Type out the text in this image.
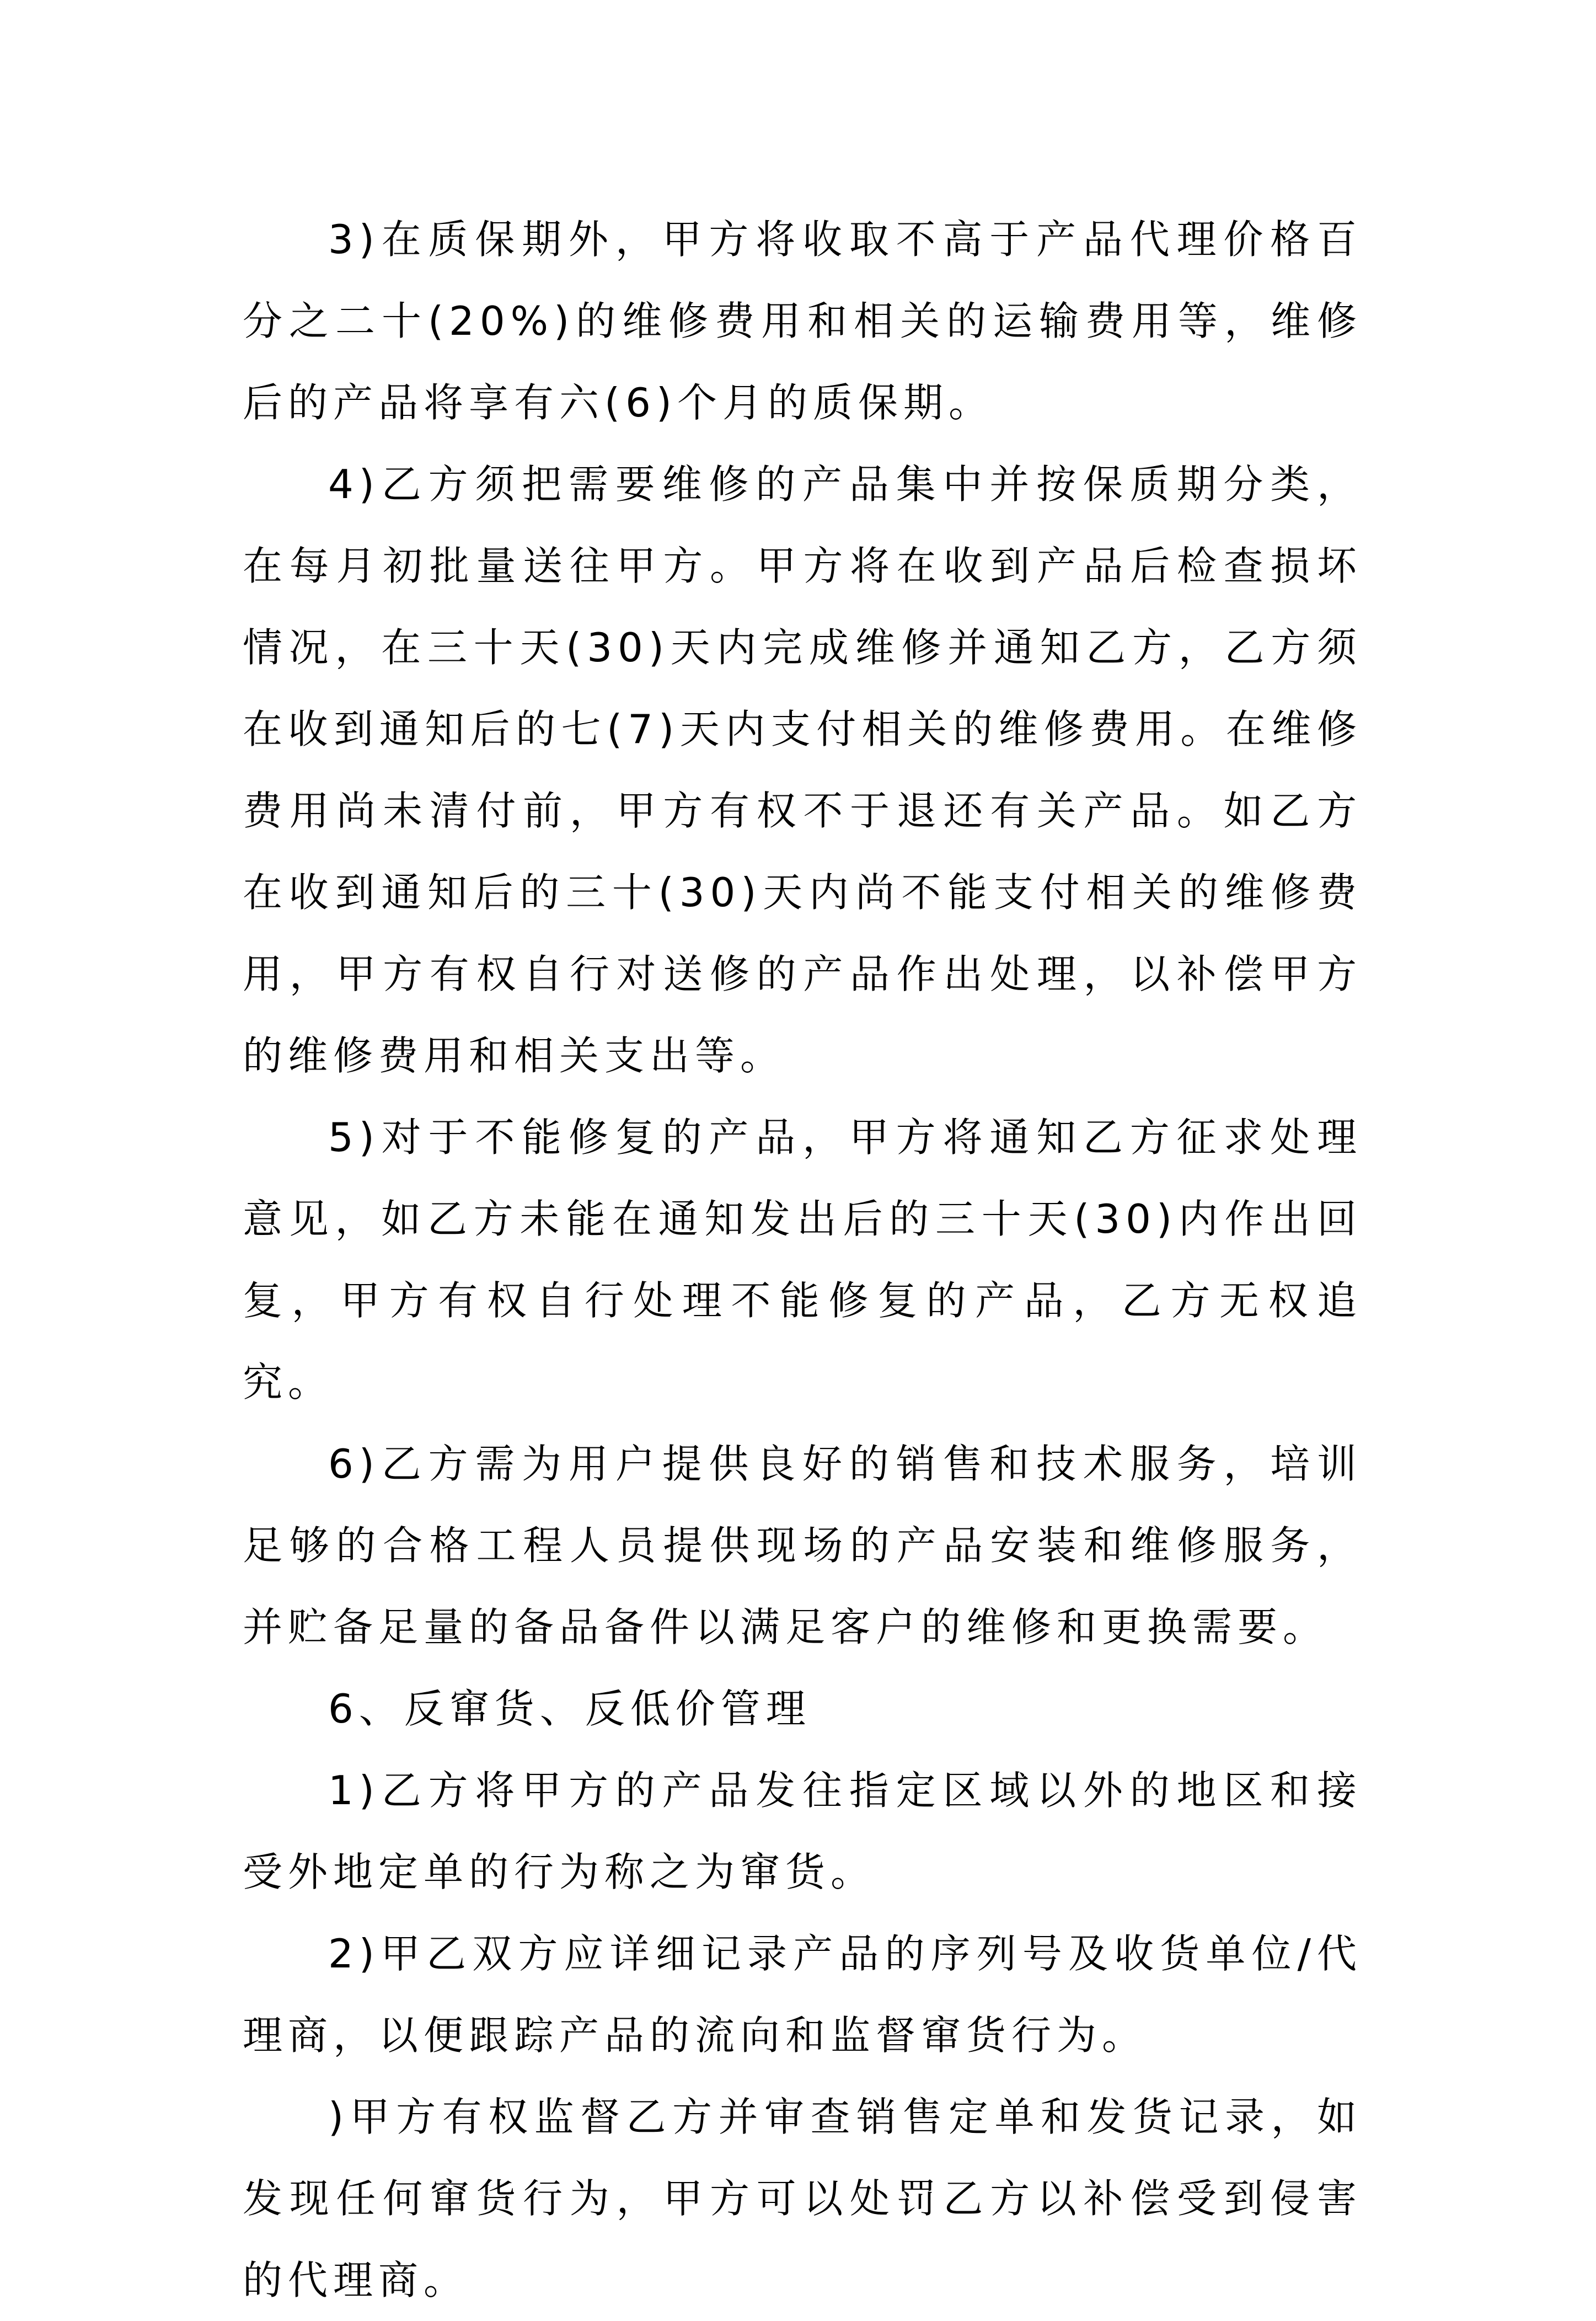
3)在质保期外，甲方将收取不高于产品代理价格百分之二十(20%)的维修费用和相关的运输费用等，维修后的产品将享有六(6)个月的质保期。

4)乙方须把需要维修的产品集中并按保质期分类，在每月初批量送往甲方。甲方将在收到产品后检查损坏情况，在三十天(30)天内完成维修并通知乙方，乙方须在收到通知后的七(7)天内支付相关的维修费用。在维修费用尚未清付前，甲方有权不于退还有关产品。如乙方在收到通知后的三十(30)天内尚不能支付相关的维修费用，甲方有权自行对送修的产品作出处理，以补偿甲方的维修费用和相关支出等。

5)对于不能修复的产品，甲方将通知乙方征求处理意见，如乙方未能在通知发出后的三十天(30)内作出回复，甲方有权自行处理不能修复的产品，乙方无权追究。

6)乙方需为用户提供良好的销售和技术服务，培训足够的合格工程人员提供现场的产品安装和维修服务，并贮备足量的备品备件以满足客户的维修和更换需要。

6、反窜货、反低价管理

1)乙方将甲方的产品发往指定区域以外的地区和接受外地定单的行为称之为窜货。

2)甲乙双方应详细记录产品的序列号及收货单位/代理商，以便跟踪产品的流向和监督窜货行为。

)甲方有权监督乙方并审查销售定单和发货记录，如发现任何窜货行为，甲方可以处罚乙方以补偿受到侵害的代理商。
